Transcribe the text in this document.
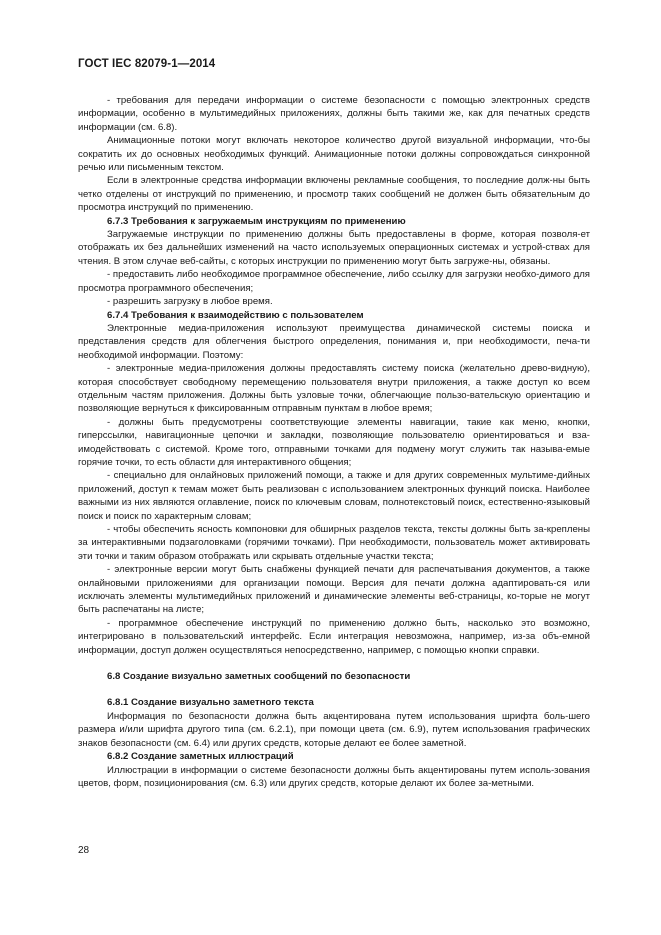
ГОСТ IEC 82079-1—2014

- требования для передачи информации о системе безопасности с помощью электронных средств информации, особенно в мультимедийных приложениях, должны быть такими же, как для печатных средств информации (см. 6.8).

Анимационные потоки могут включать некоторое количество другой визуальной информации, что-бы сократить их до основных необходимых функций. Анимационные потоки должны сопровождаться синхронной речью или письменным текстом.

Если в электронные средства информации включены рекламные сообщения, то последние долж-ны быть четко отделены от инструкций по применению, и просмотр таких сообщений не должен быть обязательным до просмотра инструкций по применению.

6.7.3 Требования к загружаемым инструкциям по применению

Загружаемые инструкции по применению должны быть предоставлены в форме, которая позволя-ет отображать их без дальнейших изменений на часто используемых операционных системах и устрой-ствах для чтения. В этом случае веб-сайты, с которых инструкции по применению могут быть загруже-ны, обязаны.

- предоставить либо необходимое программное обеспечение, либо ссылку для загрузки необхо-димого для просмотра программного обеспечения;

- разрешить загрузку в любое время.

6.7.4 Требования к взаимодействию с пользователем

Электронные медиа-приложения используют преимущества динамической системы поиска и представления средств для облегчения быстрого определения, понимания и, при необходимости, печа-ти необходимой информации. Поэтому:

- электронные медиа-приложения должны предоставлять систему поиска (желательно древо-видную), которая способствует свободному перемещению пользователя внутри приложения, а также доступ ко всем отдельным частям приложения. Должны быть узловые точки, облегчающие пользо-вательскую ориентацию и позволяющие вернуться к фиксированным отправным пунктам в любое время;

- должны быть предусмотрены соответствующие элементы навигации, такие как меню, кнопки, гиперссылки, навигационные цепочки и закладки, позволяющие пользователю ориентироваться и вза-имодействовать с системой. Кроме того, отправными точками для подмену могут служить так называ-емые горячие точки, то есть области для интерактивного общения;

- специально для онлайновых приложений помощи, а также и для других современных мультиме-дийных приложений, доступ к темам может быть реализован с использованием электронных функций поиска. Наиболее важными из них являются оглавление, поиск по ключевым словам, полнотекстовый поиск, естественно-языковый поиск и поиск по характерным словам;

- чтобы обеспечить ясность компоновки для обширных разделов текста, тексты должны быть за-креплены за интерактивными подзаголовками (горячими точками). При необходимости, пользователь может активировать эти точки и таким образом отображать или скрывать отдельные участки текста;

- электронные версии могут быть снабжены функцией печати для распечатывания документов, а также онлайновыми приложениями для организации помощи. Версия для печати должна адаптировать-ся или исключать элементы мультимедийных приложений и динамические элементы веб-страницы, ко-торые не могут быть распечатаны на листе;

- программное обеспечение инструкций по применению должно быть, насколько это возможно, интегрировано в пользовательский интерфейс. Если интеграция невозможна, например, из-за объ-емной информации, доступ должен осуществляться непосредственно, например, с помощью кнопки справки.

6.8 Создание визуально заметных сообщений по безопасности

6.8.1 Создание визуально заметного текста

Информация по безопасности должна быть акцентирована путем использования шрифта боль-шего размера и/или шрифта другого типа (см. 6.2.1), при помощи цвета (см. 6.9), путем использования графических знаков безопасности (см. 6.4) или других средств, которые делают ее более заметной.

6.8.2 Создание заметных иллюстраций

Иллюстрации в информации о системе безопасности должны быть акцентированы путем исполь-зования цветов, форм, позиционирования (см. 6.3) или других средств, которые делают их более за-метными.

28
